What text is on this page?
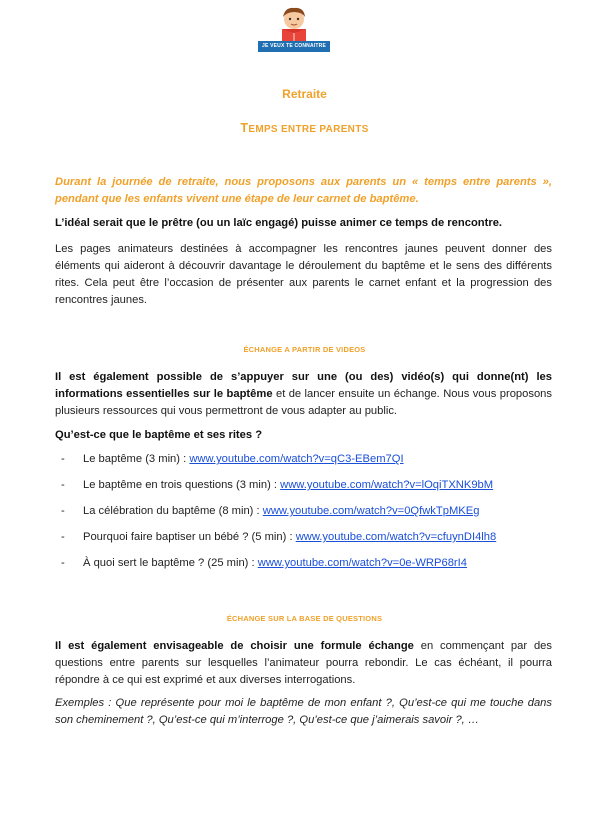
JE VEUX TE CONNAITRE
Retraite
TEMPS ENTRE PARENTS
Durant la journée de retraite, nous proposons aux parents un « temps entre parents », pendant que les enfants vivent une étape de leur carnet de baptême.
L’idéal serait que le prêtre (ou un laïc engagé) puisse animer ce temps de rencontre.
Les pages animateurs destinées à accompagner les rencontres jaunes peuvent donner des éléments qui aideront à découvrir davantage le déroulement du baptême et le sens des différents rites. Cela peut être l’occasion de présenter aux parents le carnet enfant et la progression des rencontres jaunes.
ÉCHANGE A PARTIR DE VIDEOS
Il est également possible de s’appuyer sur une (ou des) vidéo(s) qui donne(nt) les informations essentielles sur le baptême et de lancer ensuite un échange. Nous vous proposons plusieurs ressources qui vous permettront de vous adapter au public.
Qu’est-ce que le baptême et ses rites ?
- Le baptême (3 min) : www.youtube.com/watch?v=qC3-EBem7QI
- Le baptême en trois questions (3 min) : www.youtube.com/watch?v=lOqiTXNK9bM
- La célébration du baptême (8 min) : www.youtube.com/watch?v=0QfwkTpMKEg
- Pourquoi faire baptiser un bébé ? (5 min) : www.youtube.com/watch?v=cfuynDI4lh8
- À quoi sert le baptême ? (25 min) : www.youtube.com/watch?v=0e-WRP68rI4
ÉCHANGE SUR LA BASE DE QUESTIONS
Il est également envisageable de choisir une formule échange en commençant par des questions entre parents sur lesquelles l’animateur pourra rebondir. Le cas échéant, il pourra répondre à ce qui est exprimé et aux diverses interrogations.
Exemples : Que représente pour moi le baptême de mon enfant ?, Qu’est-ce qui me touche dans son cheminement ?, Qu’est-ce qui m’interroge ?, Qu’est-ce que j’aimerais savoir ?, …
